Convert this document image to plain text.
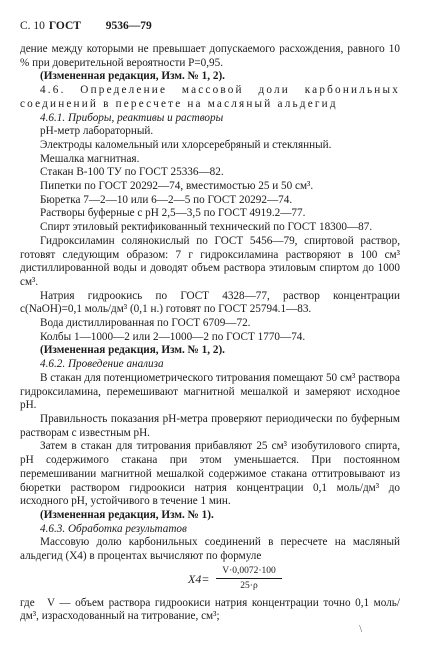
С. 10 ГОСТ 9536—79

дение между которыми не превышает допускаемого расхождения, равного 10 % при доверительной вероятности P=0,95.

(Измененная редакция, Изм. № 1, 2).

4.6. Определение массовой доли карбонильных соединений в пересчете на масляный альдегид

4.6.1. Приборы, реактивы и растворы

pH-метр лабораторный.

Электроды каломельный или хлорсеребряный и стеклянный.

Мешалка магнитная.

Стакан В-100 ТУ по ГОСТ 25336—82.

Пипетки по ГОСТ 20292—74, вместимостью 25 и 50 см³.

Бюретка 7—2—10 или 6—2—5 по ГОСТ 20292—74.

Растворы буферные с pH 2,5—3,5 по ГОСТ 4919.2—77.

Спирт этиловый ректификованный технический по ГОСТ 18300—87.

Гидроксиламин солянокислый по ГОСТ 5456—79, спиртовой раствор, готовят следующим образом: 7 г гидроксиламина растворяют в 100 см³ дистиллированной воды и доводят объем раствора этиловым спиртом до 1000 см³.

Натрия гидроокись по ГОСТ 4328—77, раствор концентрации c(NaOH)=0,1 моль/дм³ (0,1 н.) готовят по ГОСТ 25794.1—83.

Вода дистиллированная по ГОСТ 6709—72.

Колбы 1—1000—2 или 2—1000—2 по ГОСТ 1770—74.

(Измененная редакция, Изм. № 1, 2).

4.6.2. Проведение анализа

В стакан для потенциометрического титрования помещают 50 см³ раствора гидроксиламина, перемешивают магнитной мешалкой и замеряют исходное pH.

Правильность показания pH-метра проверяют периодически по буферным растворам с известным pH.

Затем в стакан для титрования прибавляют 25 см³ изобутилового спирта, pH содержимого стакана при этом уменьшается. При постоянном перемешивании магнитной мешалкой содержимое стакана оттитровывают из бюретки раствором гидроокиси натрия концентрации 0,1 моль/дм³ до исходного pH, устойчивого в течение 1 мин.

(Измененная редакция, Изм. № 1).

4.6.3. Обработка результатов

Массовую долю карбонильных соединений в пересчете на масляный альдегид (X4) в процентах вычисляют по формуле

$X4= \frac{V\cdot 0,0072\cdot 100}{25\cdot\rho}$

где V — объем раствора гидроокиси натрия концентрации точно 0,1 моль/дм³, израсходованный на титрование, см³;

\
